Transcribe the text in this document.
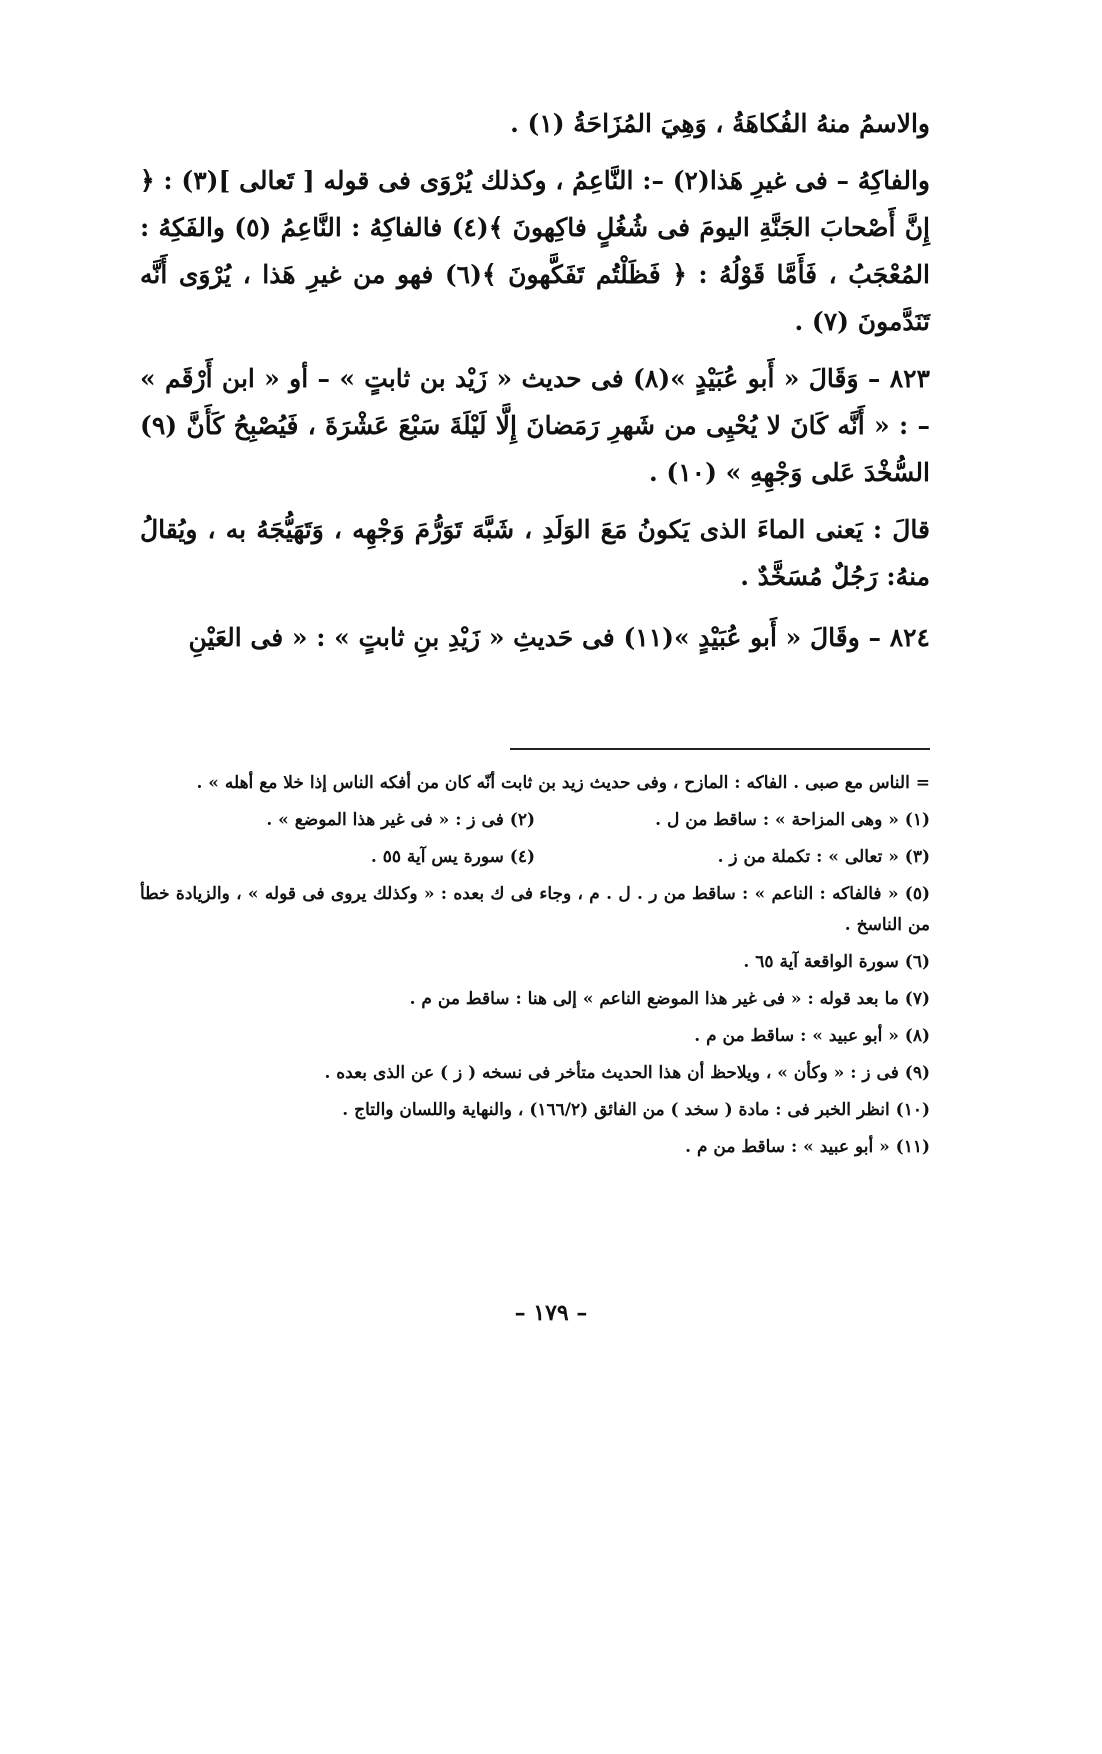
والاسمُ منهُ الفُكاهَةُ ، وَهِيَ المُزَاحَةُ (١) .

والفاكِهُ – فى غيرِ هَذا(٢) –: النَّاعِمُ ، وكذلك يُرْوَى فى قوله [ تَعالى ](٣) : ﴿ إِنَّ أَصْحابَ الجَنَّةِ اليومَ فى شُغُلٍ فاكِهونَ ﴾(٤) فالفاكِهُ : النَّاعِمُ (٥) والفَكِهُ : المُعْجَبُ ، فَأَمَّا قَوْلُهُ : ﴿ فَظَلْتُم تَفَكَّهونَ ﴾(٦) فهو من غيرِ هَذا ، يُرْوَى أَنَّه تَنَدَّمونَ (٧) .

٨٢٣ – وَقَالَ « أَبو عُبَيْدٍ »(٨) فى حديث « زَيْد بن ثابتٍ » – أو « ابن أَرْقَم » – : « أَنَّه كَانَ لا يُحْيِى من شَهرِ رَمَضانَ إِلَّا لَيْلَةَ سَبْعَ عَشْرَةَ ، فَيُصْبِحُ كَأَنَّ (٩) السُّخْدَ عَلى وَجْهِهِ » (١٠) .

قالَ : يَعنى الماءَ الذى يَكونُ مَعَ الوَلَدِ ، شَبَّهَ تَوَرُّمَ وَجْهِه ، وَتَهَيُّجَهُ به ، ويُقالُ منهُ: رَجُلٌ مُسَخَّدٌ .

٨٢٤ – وقَالَ « أَبو عُبَيْدٍ »(١١) فى حَديثِ « زَيْدِ بنِ ثابتٍ » : « فى العَيْنِ

= الناس مع صبى . الفاكه : المازح ، وفى حديث زيد بن ثابت أنّه كان من أفكه الناس إذا خلا مع أهله » .

(١) « وهى المزاحة » : ساقط من ل .

(٢) فى ز : « فى غير هذا الموضع » .

(٣) « تعالى » : تكملة من ز .

(٤) سورة يس آية ٥٥ .

(٥) « فالفاكه : الناعم » : ساقط من ر . ل . م ، وجاء فى ك بعده : « وكذلك يروى فى قوله » ، والزيادة خطأ من الناسخ .

(٦) سورة الواقعة آية ٦٥ .

(٧) ما بعد قوله : « فى غير هذا الموضع الناعم » إلى هنا : ساقط من م .

(٨) « أبو عبيد » : ساقط من م .

(٩) فى ز : « وكأن » ، ويلاحظ أن هذا الحديث متأخر فى نسخه ( ز ) عن الذى بعده .

(١٠) انظر الخبر فى : مادة ( سخد ) من الفائق (١٦٦/٢) ، والنهاية واللسان والتاج .

(١١) « أبو عبيد » : ساقط من م .

– ١٧٩ –
